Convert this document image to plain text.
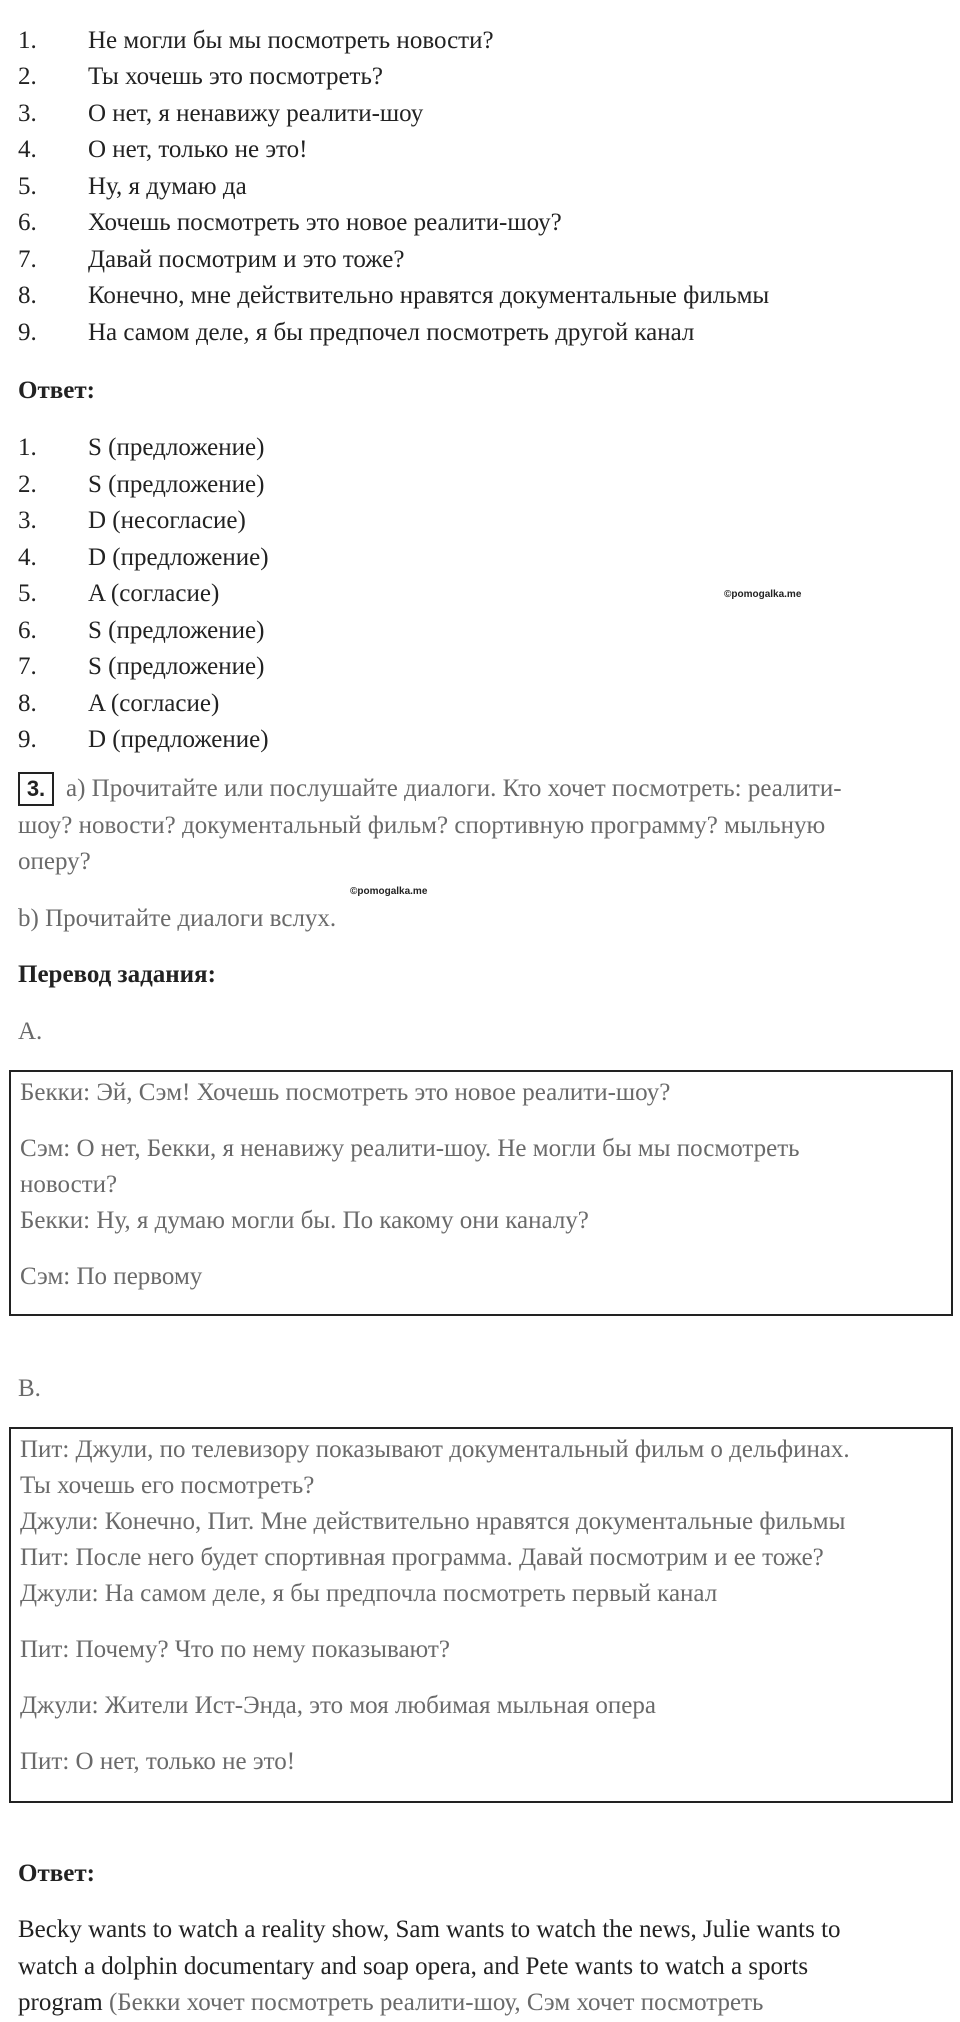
1. Не могли бы мы посмотреть новости?
2. Ты хочешь это посмотреть?
3. О нет, я ненавижу реалити-шоу
4. О нет, только не это!
5. Ну, я думаю да
6. Хочешь посмотреть это новое реалити-шоу?
7. Давай посмотрим и это тоже?
8. Конечно, мне действительно нравятся документальные фильмы
9. На самом деле, я бы предпочел посмотреть другой канал
Ответ:
1. S (предложение)
2. S (предложение)
3. D (несогласие)
4. D (предложение)
5. A (согласие)
6. S (предложение)
7. S (предложение)
8. A (согласие)
9. D (предложение)
©pomogalka.me
3. a) Прочитайте или послушайте диалоги. Кто хочет посмотреть: реалити-
шоу? новости? документальный фильм? спортивную программу? мыльную
оперу?
©pomogalka.me
b) Прочитайте диалоги вслух.
Перевод задания:
A.
Бекки: Эй, Сэм! Хочешь посмотреть это новое реалити-шоу?
Сэм: О нет, Бекки, я ненавижу реалити-шоу. Не могли бы мы посмотреть
новости?
Бекки: Ну, я думаю могли бы. По какому они каналу?
Сэм: По первому
B.
Пит: Джули, по телевизору показывают документальный фильм о дельфинах.
Ты хочешь его посмотреть?
Джули: Конечно, Пит. Мне действительно нравятся документальные фильмы
Пит: После него будет спортивная программа. Давай посмотрим и ее тоже?
Джули: На самом деле, я бы предпочла посмотреть первый канал
Пит: Почему? Что по нему показывают?
Джули: Жители Ист-Энда, это моя любимая мыльная опера
Пит: О нет, только не это!
Ответ:
Becky wants to watch a reality show, Sam wants to watch the news, Julie wants to
watch a dolphin documentary and soap opera, and Pete wants to watch a sports
program (Бекки хочет посмотреть реалити-шоу, Сэм хочет посмотреть
